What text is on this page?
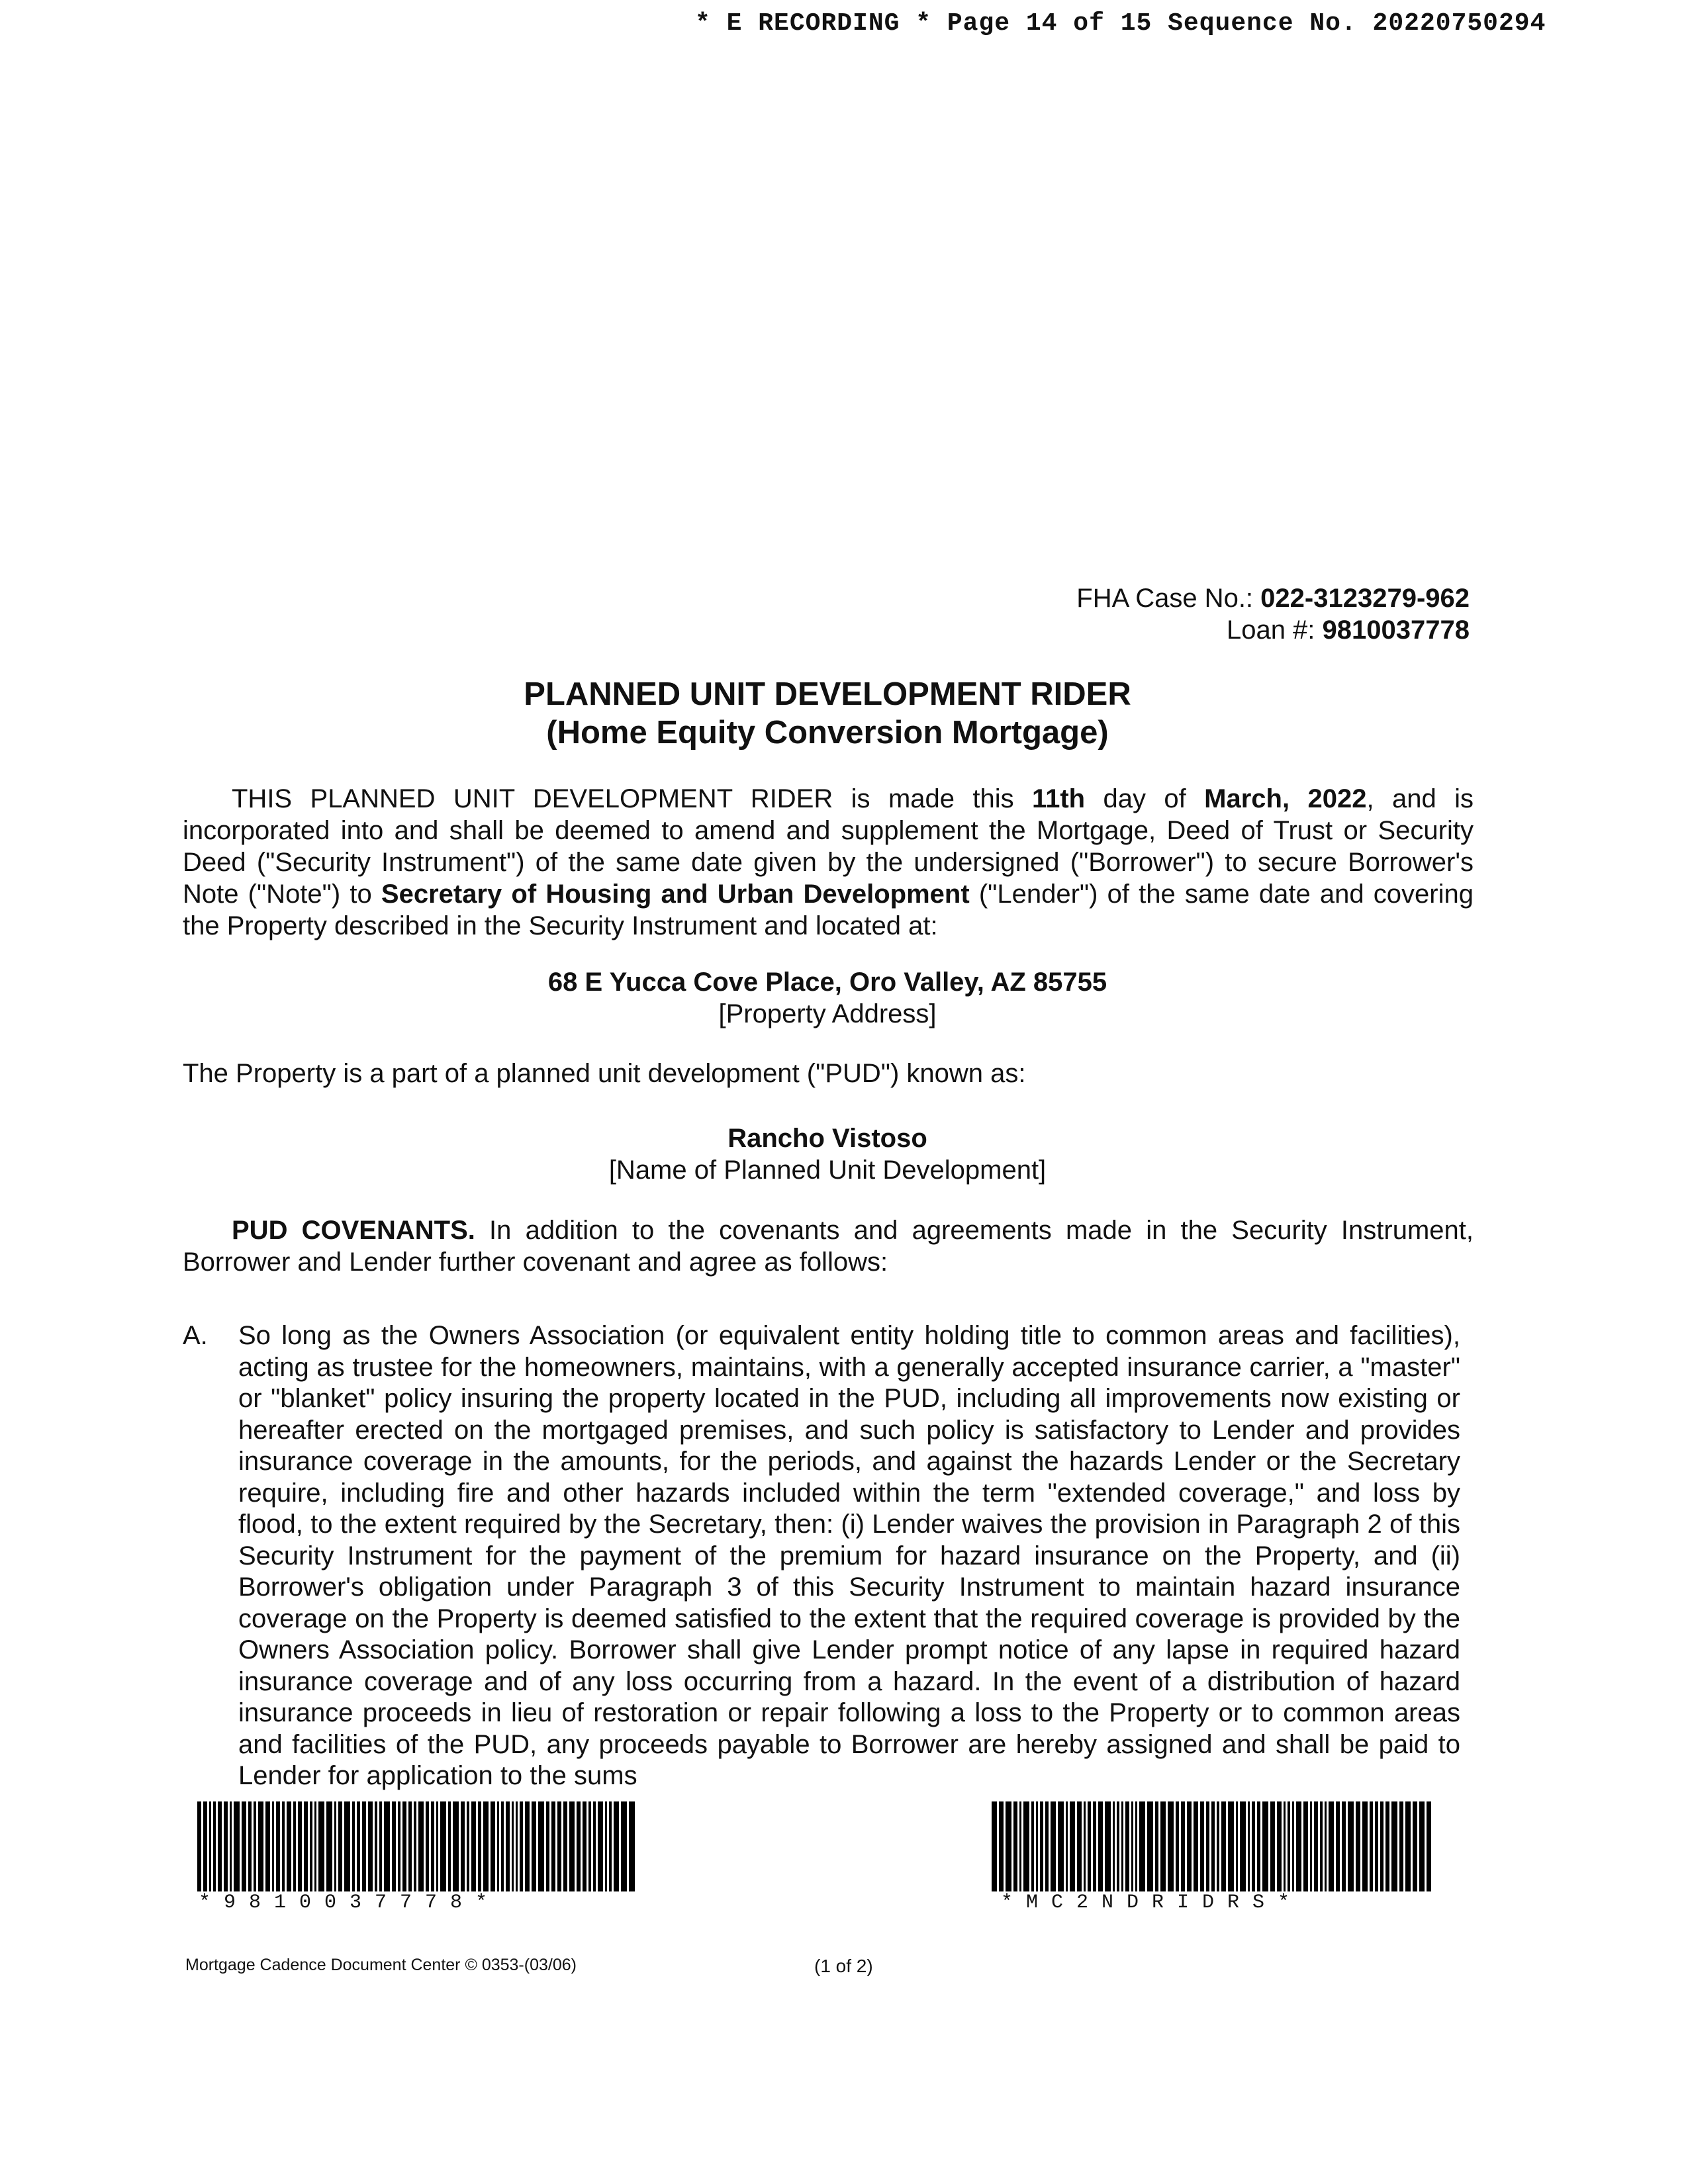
* E RECORDING * Page 14 of 15 Sequence No. 20220750294
FHA Case No.: 022-3123279-962
Loan #: 9810037778
PLANNED UNIT DEVELOPMENT RIDER
(Home Equity Conversion Mortgage)
THIS PLANNED UNIT DEVELOPMENT RIDER is made this 11th day of March, 2022, and is incorporated into and shall be deemed to amend and supplement the Mortgage, Deed of Trust or Security Deed ("Security Instrument") of the same date given by the undersigned ("Borrower") to secure Borrower's Note ("Note") to Secretary of Housing and Urban Development ("Lender") of the same date and covering the Property described in the Security Instrument and located at:
68 E Yucca Cove Place, Oro Valley, AZ 85755
[Property Address]
The Property is a part of a planned unit development ("PUD") known as:
Rancho Vistoso
[Name of Planned Unit Development]
PUD COVENANTS. In addition to the covenants and agreements made in the Security Instrument, Borrower and Lender further covenant and agree as follows:
A. So long as the Owners Association (or equivalent entity holding title to common areas and facilities), acting as trustee for the homeowners, maintains, with a generally accepted insurance carrier, a "master" or "blanket" policy insuring the property located in the PUD, including all improvements now existing or hereafter erected on the mortgaged premises, and such policy is satisfactory to Lender and provides insurance coverage in the amounts, for the periods, and against the hazards Lender or the Secretary require, including fire and other hazards included within the term "extended coverage," and loss by flood, to the extent required by the Secretary, then: (i) Lender waives the provision in Paragraph 2 of this Security Instrument for the payment of the premium for hazard insurance on the Property, and (ii) Borrower's obligation under Paragraph 3 of this Security Instrument to maintain hazard insurance coverage on the Property is deemed satisfied to the extent that the required coverage is provided by the Owners Association policy. Borrower shall give Lender prompt notice of any lapse in required hazard insurance coverage and of any loss occurring from a hazard. In the event of a distribution of hazard insurance proceeds in lieu of restoration or repair following a loss to the Property or to common areas and facilities of the PUD, any proceeds payable to Borrower are hereby assigned and shall be paid to Lender for application to the sums
*9810037778*	*MC2NDRIDRS*
Mortgage Cadence Document Center © 0353-(03/06)	(1 of 2)
